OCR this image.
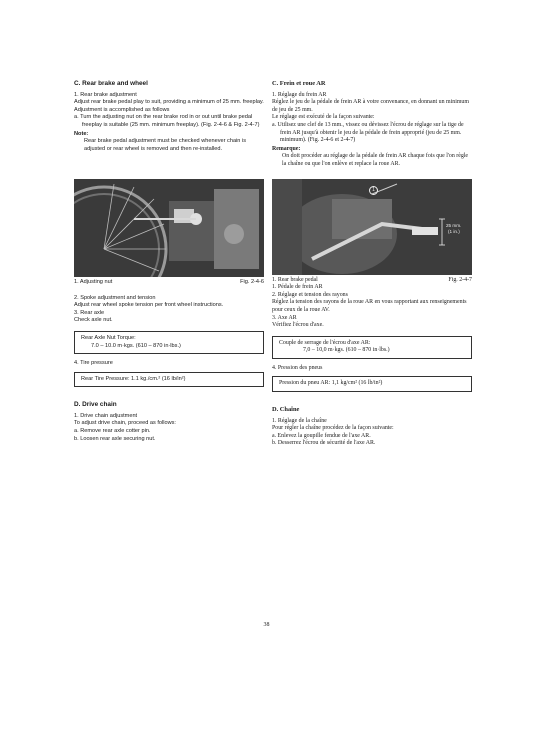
C. Rear brake and wheel

1. Rear brake adjustment

Adjust rear brake pedal play to suit, providing a minimum of 25 mm. freeplay.

Adjustment is accomplished as follows

a. Turn the adjusting nut on the rear brake rod in or out until brake pedal freeplay is suitable (25 mm. minimum freeplay). (Fig. 2-4-6 & Fig. 2-4-7)

Note:

Rear brake pedal adjustment must be checked whenever chain is adjusted or rear wheel is removed and then re-installed.

1. Adjusting nut	Fig. 2-4-6

2. Spoke adjustment and tension

Adjust rear wheel spoke tension per front wheel instructions.

3. Rear axle

Check axle nut.

Rear Axle Nut Torque:

7.0 – 10.0 m·kgs. (610 – 870 in·lbs.)

4. Tire pressure

Rear Tire Pressure: 1.1 kg./cm.² (16 lb/in²)

D. Drive chain

1. Drive chain adjustment

To adjust drive chain, proceed as follows:

a. Remove rear axle cotter pin.

b. Loosen rear axle securing nut.

C. Frein et roue AR

1. Réglage du frein AR

Réglez le jeu de la pédale de frein AR à votre convenance, en donnant un minimum de jeu de 25 mm.

Le réglage est exécuté de la façon suivante:

a. Utilisez une clef de 13 mm., vissez ou dévissez l'écrou de réglage sur la tige de frein AR jusqu'à obtenir le jeu de la pédale de frein approprié (jeu de 25 mm. minimum). (Fig. 2-4-6 et 2-4-7)

Remarque:

On doit procéder au réglage de la pédale de frein AR chaque fois que l'on règle la chaîne ou que l'on enlève et replace la roue AR.

1
25 mm.
(1 in.)
1. Rear brake pedal	Fig. 2-4-7

1. Pédale de frein AR

2. Réglage et tension des rayons

Réglez la tension des rayons de la roue AR en vous rapportant aux renseignements pour ceux de la roue AV.

3. Axe AR

Vérifiez l'écrou d'axe.

Couple de serrage de l'écrou d'axe AR:

7,0 – 10,0 m·kgs. (610 – 870 in·lbs.)

4. Pression des pneus

Pression du pneu AR: 1,1 kg/cm² (16 lb/in²)

D. Chaîne

1. Réglage de la chaîne

Pour régler la chaîne procédez de la façon suivante:

a. Enlevez la goupille fendue de l'axe AR.

b. Desserrez l'écrou de sécurité de l'axe AR.

38
